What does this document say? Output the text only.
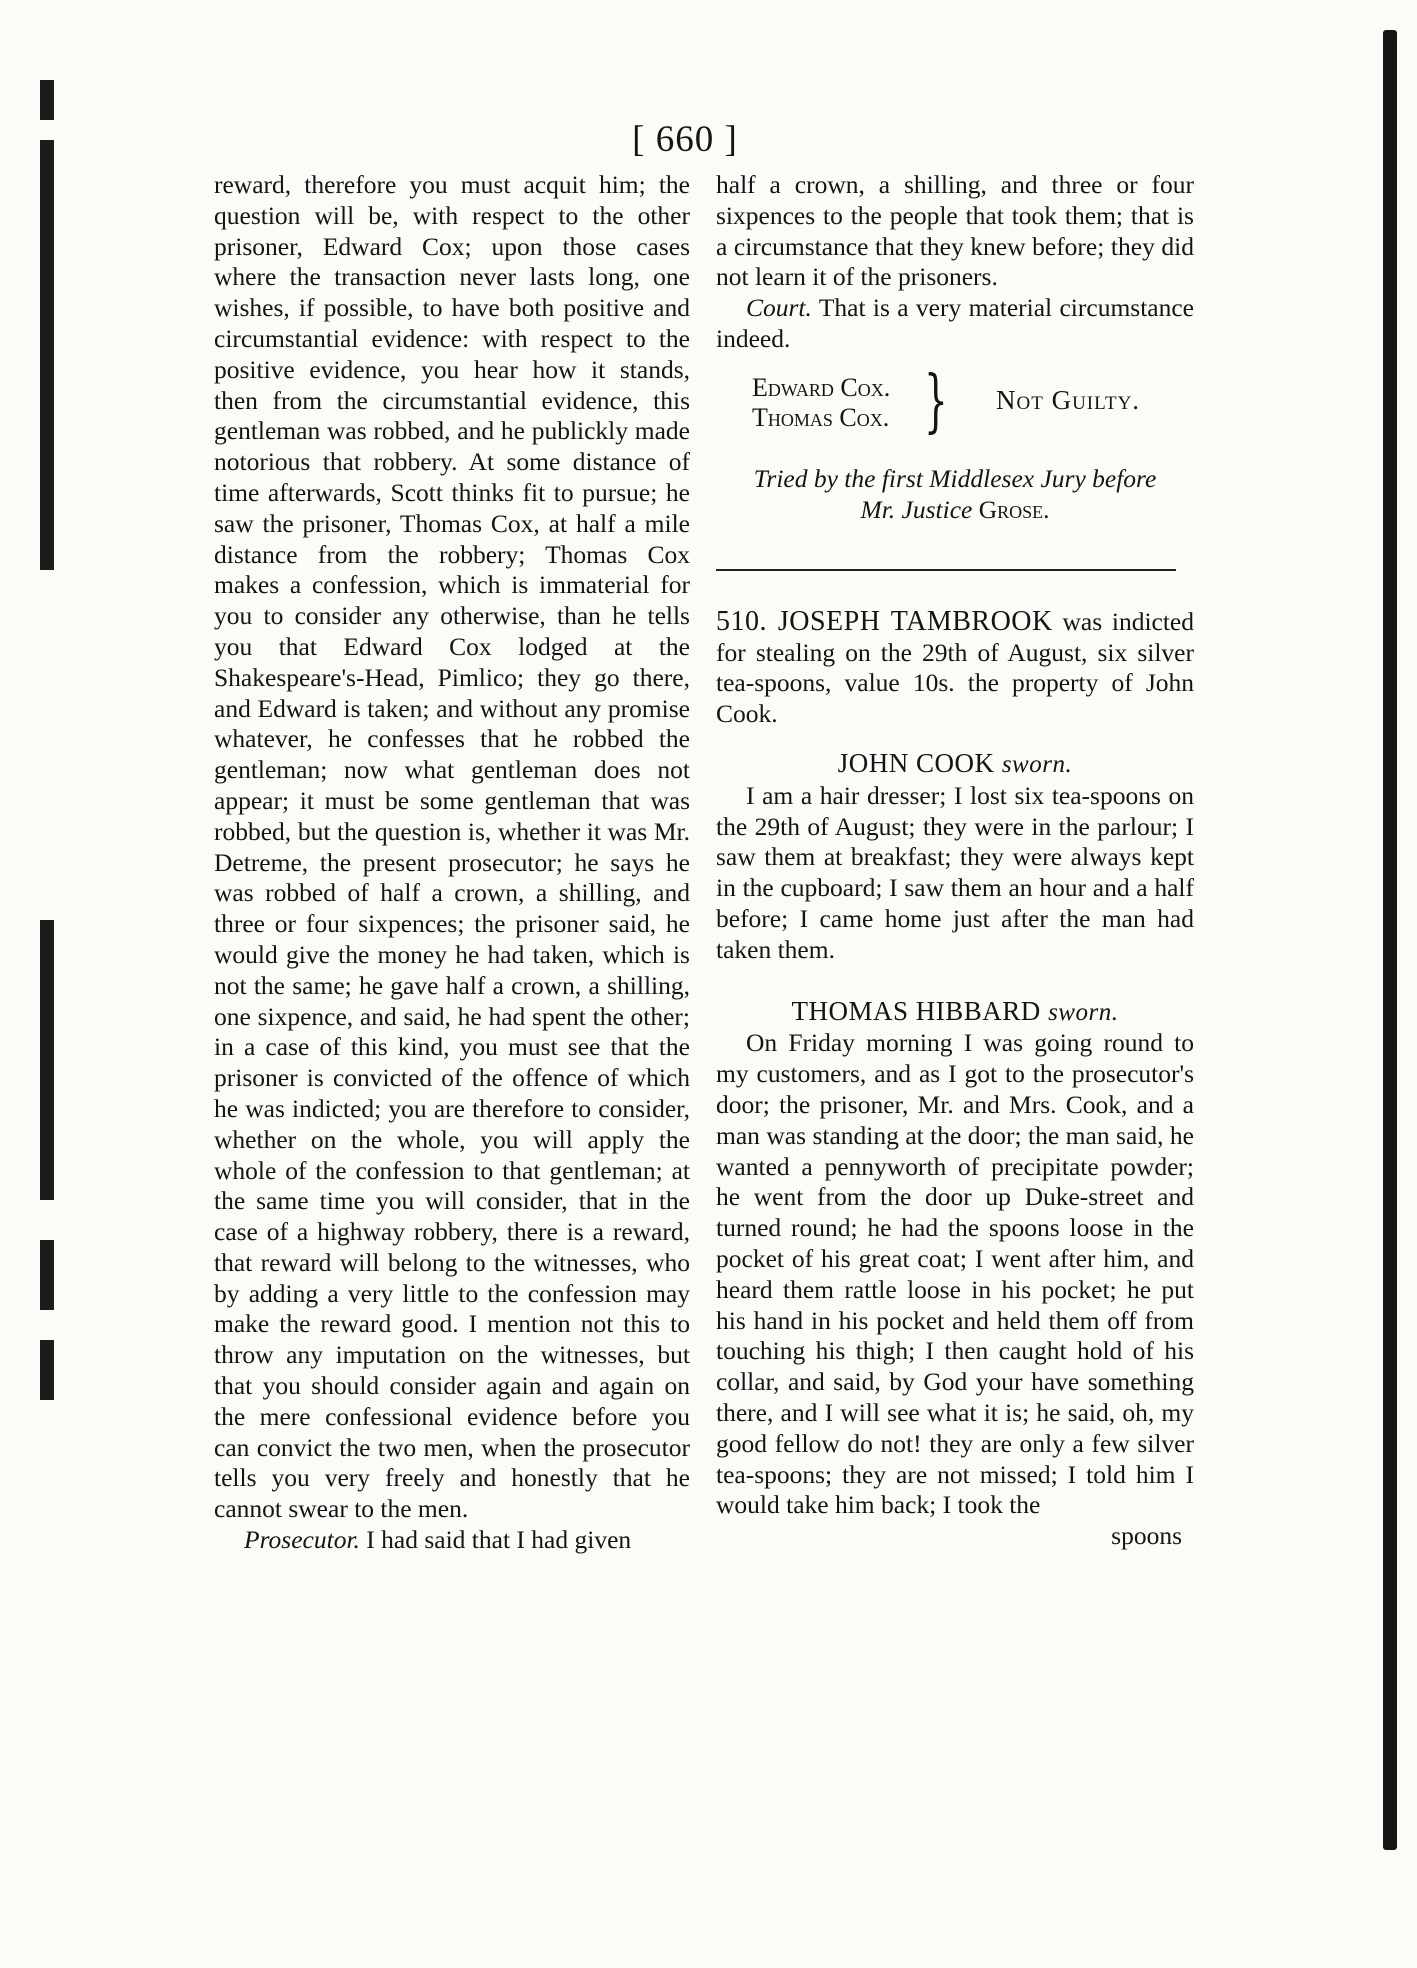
[ 660 ]

reward, therefore you must acquit him; the question will be, with respect to the other prisoner, Edward Cox; upon those cases where the transaction never lasts long, one wishes, if possible, to have both positive and circumstantial evidence: with respect to the positive evidence, you hear how it stands, then from the circumstantial evidence, this gentleman was robbed, and he publickly made notorious that robbery. At some distance of time afterwards, Scott thinks fit to pursue; he saw the prisoner, Thomas Cox, at half a mile distance from the robbery; Thomas Cox makes a confession, which is immaterial for you to consider any otherwise, than he tells you that Edward Cox lodged at the Shakespeare's-Head, Pimlico; they go there, and Edward is taken; and without any promise whatever, he confesses that he robbed the gentleman; now what gentleman does not appear; it must be some gentleman that was robbed, but the question is, whether it was Mr. Detreme, the present prosecutor; he says he was robbed of half a crown, a shilling, and three or four sixpences; the prisoner said, he would give the money he had taken, which is not the same; he gave half a crown, a shilling, one sixpence, and said, he had spent the other; in a case of this kind, you must see that the prisoner is convicted of the offence of which he was indicted; you are therefore to consider, whether on the whole, you will apply the whole of the confession to that gentleman; at the same time you will consider, that in the case of a highway robbery, there is a reward, that reward will belong to the witnesses, who by adding a very little to the confession may make the reward good. I mention not this to throw any imputation on the witnesses, but that you should consider again and again on the mere confessional evidence before you can convict the two men, when the prosecutor tells you very freely and honestly that he cannot swear to the men.

Prosecutor. I had said that I had given

half a crown, a shilling, and three or four sixpences to the people that took them; that is a circumstance that they knew before; they did not learn it of the prisoners.

Court. That is a very material circumstance indeed.

Edward Cox.
Thomas Cox. } Not Guilty.
Tried by the first Middlesex Jury before
Mr. Justice Grose.

510. JOSEPH TAMBROOK was indicted for stealing on the 29th of August, six silver tea-spoons, value 10s. the property of John Cook.

JOHN COOK sworn.

I am a hair dresser; I lost six tea-spoons on the 29th of August; they were in the parlour; I saw them at breakfast; they were always kept in the cupboard; I saw them an hour and a half before; I came home just after the man had taken them.

THOMAS HIBBARD sworn.

On Friday morning I was going round to my customers, and as I got to the prosecutor's door; the prisoner, Mr. and Mrs. Cook, and a man was standing at the door; the man said, he wanted a pennyworth of precipitate powder; he went from the door up Duke-street and turned round; he had the spoons loose in the pocket of his great coat; I went after him, and heard them rattle loose in his pocket; he put his hand in his pocket and held them off from touching his thigh; I then caught hold of his collar, and said, by God your have something there, and I will see what it is; he said, oh, my good fellow do not! they are only a few silver tea-spoons; they are not missed; I told him I would take him back; I took the

spoons
